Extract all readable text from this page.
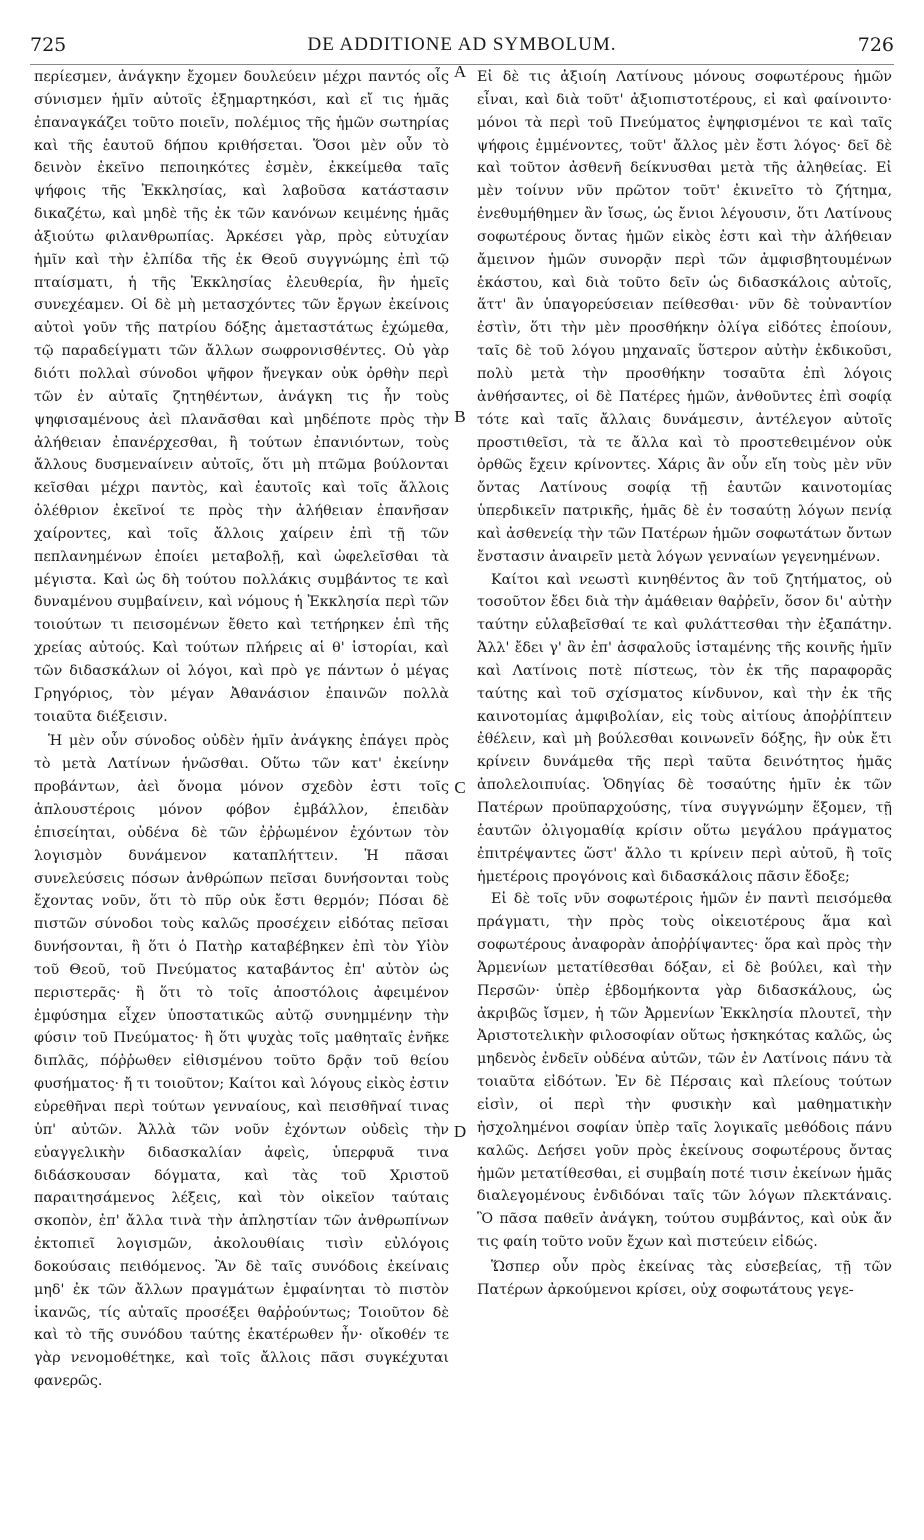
725	DE ADDITIONE AD SYMBOLUM.	726
A
B
C
D

περίεσμεν, ἀνάγκην ἔχομεν δουλεύειν μέχρι παντός οἷς σύνισμεν ἡμῖν αὐτοῖς ἐξημαρτηκόσι, καὶ εἴ τις ἡμᾶς ἐπαναγκάζει τοῦτο ποιεῖν, πολέμιος τῆς ἡμῶν σωτηρίας καὶ τῆς ἑαυτοῦ δήπου κριθήσεται. Ὅσοι μὲν οὖν τὸ δεινὸν ἐκεῖνο πεποιηκότες ἐσμὲν, ἐκκείμεθα ταῖς ψήφοις τῆς Ἐκκλησίας, καὶ λαβοῦσα κατάστασιν δικαζέτω, καὶ μηδὲ τῆς ἐκ τῶν κανόνων κειμένης ἡμᾶς ἀξιούτω φιλανθρωπίας. Ἀρκέσει γὰρ, πρὸς εὐτυχίαν ἡμῖν καὶ τὴν ἐλπίδα τῆς ἐκ Θεοῦ συγγνώμης ἐπὶ τῷ πταίσματι, ἡ τῆς Ἐκκλησίας ἐλευθερία, ἣν ἡμεῖς συνεχέαμεν. Οἱ δὲ μὴ μετασχόντες τῶν ἔργων ἐκείνοις αὐτοὶ γοῦν τῆς πατρίου δόξης ἀμεταστάτως ἐχώμεθα, τῷ παραδείγματι τῶν ἄλλων σωφρονισθέντες. Οὐ γὰρ διότι πολλαὶ σύνοδοι ψῆφον ἤνεγκαν οὐκ ὀρθὴν περὶ τῶν ἐν αὐταῖς ζητηθέντων, ἀνάγκη τις ἦν τοὺς ψηφισαμένους ἀεὶ πλανᾶσθαι καὶ μηδέποτε πρὸς τὴν ἀλήθειαν ἐπανέρχεσθαι, ἢ τούτων ἐπανιόντων, τοὺς ἄλλους δυσμεναίνειν αὐτοῖς, ὅτι μὴ πτῶμα βούλονται κεῖσθαι μέχρι παντὸς, καὶ ἑαυτοῖς καὶ τοῖς ἄλλοις ὀλέθριον ἐκεῖνοί τε πρὸς τὴν ἀλήθειαν ἐπανῆσαν χαίροντες, καὶ τοῖς ἄλλοις χαίρειν ἐπὶ τῇ τῶν πεπλανημένων ἐποίει μεταβολῇ, καὶ ὠφελεῖσθαι τὰ μέγιστα. Καὶ ὡς δὴ τούτου πολλάκις συμβάντος τε καὶ δυναμένου συμβαίνειν, καὶ νόμους ἡ Ἐκκλησία περὶ τῶν τοιούτων τι πεισομένων ἔθετο καὶ τετήρηκεν ἐπὶ τῆς χρείας αὐτούς. Καὶ τούτων πλήρεις αἱ θ' ἱστορίαι, καὶ τῶν διδασκάλων οἱ λόγοι, καὶ πρὸ γε πάντων ὁ μέγας Γρηγόριος, τὸν μέγαν Ἀθανάσιον ἐπαινῶν πολλὰ τοιαῦτα διέξεισιν.

Ἡ μὲν οὖν σύνοδος οὐδὲν ἡμῖν ἀνάγκης ἐπάγει πρὸς τὸ μετὰ Λατίνων ἡνῶσθαι. Οὕτω τῶν κατ' ἐκείνην προβάντων, ἀεὶ ὄνομα μόνον σχεδὸν ἐστι τοῖς ἁπλουστέροις μόνον φόβον ἐμβάλλον, ἐπειδὰν ἐπισείηται, οὐδένα δὲ τῶν ἐῤῥωμένον ἐχόντων τὸν λογισμὸν δυνάμενον καταπλήττειν. Ἡ πᾶσαι συνελεύσεις πόσων ἀνθρώπων πεῖσαι δυνήσονται τοὺς ἔχοντας νοῦν, ὅτι τὸ πῦρ οὐκ ἔστι θερμόν; Πόσαι δὲ πιστῶν σύνοδοι τοὺς καλῶς προσέχειν εἰδότας πεῖσαι δυνήσονται, ἢ ὅτι ὁ Πατὴρ καταβέβηκεν ἐπὶ τὸν Υἱὸν τοῦ Θεοῦ, τοῦ Πνεύματος καταβάντος ἐπ' αὐτὸν ὡς περιστερᾶς· ἢ ὅτι τὸ τοῖς ἀποστόλοις ἀφειμένον ἐμφύσημα εἶχεν ὑποστατικῶς αὐτῷ συνημμένην τὴν φύσιν τοῦ Πνεύματος· ἢ ὅτι ψυχὰς τοῖς μαθηταῖς ἐνῆκε διπλᾶς, πόῤῥωθεν εἰθισμένου τοῦτο δρᾷν τοῦ θείου φυσήματος· ἤ τι τοιοῦτον; Καίτοι καὶ λόγους εἰκὸς ἐστιν εὑρεθῆναι περὶ τούτων γενναίους, καὶ πεισθῆναί τινας ὑπ' αὐτῶν. Ἀλλὰ τῶν νοῦν ἐχόντων οὐδεὶς τὴν εὐαγγελικὴν διδασκαλίαν ἀφεὶς, ὑπερφυᾶ τινα διδάσκουσαν δόγματα, καὶ τὰς τοῦ Χριστοῦ παραιτησάμενος λέξεις, καὶ τὸν οἰκεῖον ταύταις σκοπὸν, ἐπ' ἄλλα τινὰ τὴν ἀπληστίαν τῶν ἀνθρωπίνων ἐκτοπιεῖ λογισμῶν, ἀκολουθίαις τισὶν εὐλόγοις δοκούσαις πειθόμενος. Ἂν δὲ ταῖς συνόδοις ἐκείναις μηδ' ἐκ τῶν ἄλλων πραγμάτων ἐμφαίνηται τὸ πιστὸν ἱκανῶς, τίς αὐταῖς προσέξει θαῤῥούντως; Τοιοῦτον δὲ καὶ τὸ τῆς συνόδου ταύτης ἑκατέρωθεν ἦν· οἴκοθέν τε γὰρ νενομοθέτηκε, καὶ τοῖς ἄλλοις πᾶσι συγκέχυται φανερῶς.

Εἰ δὲ τις ἀξιοίη Λατίνους μόνους σοφωτέρους ἡμῶν εἶναι, καὶ διὰ τοῦτ' ἀξιοπιστοτέρους, εἰ καὶ φαίνοιντο· μόνοι τὰ περὶ τοῦ Πνεύματος ἐψηφισμένοι τε καὶ ταῖς ψήφοις ἐμμένοντες, τοῦτ' ἄλλος μὲν ἔστι λόγος· δεῖ δὲ καὶ τοῦτον ἀσθενῆ δείκνυσθαι μετὰ τῆς ἀληθείας. Εἰ μὲν τοίνυν νῦν πρῶτον τοῦτ' ἐκινεῖτο τὸ ζήτημα, ἐνεθυμήθημεν ἂν ἴσως, ὡς ἔνιοι λέγουσιν, ὅτι Λατίνους σοφωτέρους ὄντας ἡμῶν εἰκὸς ἐστι καὶ τὴν ἀλήθειαν ἄμεινον ἡμῶν συνορᾷν περὶ τῶν ἀμφισβητουμένων ἑκάστου, καὶ διὰ τοῦτο δεῖν ὡς διδασκάλοις αὐτοῖς, ἅττ' ἂν ὑπαγορεύσειαν πείθεσθαι· νῦν δὲ τοὐναντίον ἐστὶν, ὅτι τὴν μὲν προσθήκην ὀλίγα εἰδότες ἐποίουν, ταῖς δὲ τοῦ λόγου μηχαναῖς ὕστερον αὐτὴν ἐκδικοῦσι, πολὺ μετὰ τὴν προσθήκην τοσαῦτα ἐπὶ λόγοις ἀνθήσαντες, οἱ δὲ Πατέρες ἡμῶν, ἀνθοῦντες ἐπὶ σοφίᾳ τότε καὶ ταῖς ἄλλαις δυνάμεσιν, ἀντέλεγον αὐτοῖς προστιθεῖσι, τὰ τε ἄλλα καὶ τὸ προστεθειμένον οὐκ ὀρθῶς ἔχειν κρίνοντες. Χάρις ἂν οὖν εἴη τοὺς μὲν νῦν ὄντας Λατίνους σοφίᾳ τῇ ἑαυτῶν καινοτομίας ὑπερδικεῖν πατρικῆς, ἡμᾶς δὲ ἐν τοσαύτῃ λόγων πενίᾳ καὶ ἀσθενείᾳ τὴν τῶν Πατέρων ἡμῶν σοφωτάτων ὄντων ἔνστασιν ἀναιρεῖν μετὰ λόγων γενναίων γεγενημένων.

Καίτοι καὶ νεωστὶ κινηθέντος ἂν τοῦ ζητήματος, οὐ τοσοῦτον ἔδει διὰ τὴν ἀμάθειαν θαῤῥεῖν, ὅσον δι' αὐτὴν ταύτην εὐλαβεῖσθαί τε καὶ φυλάττεσθαι τὴν ἐξαπάτην. Ἀλλ' ἔδει γ' ἂν ἐπ' ἀσφαλοῦς ἱσταμένης τῆς κοινῆς ἡμῖν καὶ Λατίνοις ποτὲ πίστεως, τὸν ἐκ τῆς παραφορᾶς ταύτης καὶ τοῦ σχίσματος κίνδυνον, καὶ τὴν ἐκ τῆς καινοτομίας ἀμφιβολίαν, εἰς τοὺς αἰτίους ἀποῤῥίπτειν ἐθέλειν, καὶ μὴ βούλεσθαι κοινωνεῖν δόξης, ἣν οὐκ ἔτι κρίνειν δυνάμεθα τῆς περὶ ταῦτα δεινότητος ἡμᾶς ἀπολελοιπυίας. Ὁδηγίας δὲ τοσαύτης ἡμῖν ἐκ τῶν Πατέρων προϋπαρχούσης, τίνα συγγνώμην ἕξομεν, τῇ ἑαυτῶν ὀλιγομαθίᾳ κρίσιν οὕτω μεγάλου πράγματος ἐπιτρέψαντες ὥστ' ἄλλο τι κρίνειν περὶ αὐτοῦ, ἢ τοῖς ἡμετέροις προγόνοις καὶ διδασκάλοις πᾶσιν ἔδοξε;

Εἰ δὲ τοῖς νῦν σοφωτέροις ἡμῶν ἐν παντὶ πεισόμεθα πράγματι, τὴν πρὸς τοὺς οἰκειοτέρους ἅμα καὶ σοφωτέρους ἀναφορὰν ἀποῤῥίψαντες· ὅρα καὶ πρὸς τὴν Ἀρμενίων μετατίθεσθαι δόξαν, εἰ δὲ βούλει, καὶ τὴν Περσῶν· ὑπὲρ ἑβδομήκοντα γὰρ διδασκάλους, ὡς ἀκριβῶς ἴσμεν, ἡ τῶν Ἀρμενίων Ἐκκλησία πλουτεῖ, τὴν Ἀριστοτελικὴν φιλοσοφίαν οὕτως ἠσκηκότας καλῶς, ὡς μηδενὸς ἐνδεῖν οὐδένα αὐτῶν, τῶν ἐν Λατίνοις πάνυ τὰ τοιαῦτα εἰδότων. Ἐν δὲ Πέρσαις καὶ πλείους τούτων εἰσὶν, οἱ περὶ τὴν φυσικὴν καὶ μαθηματικὴν ἠσχολημένοι σοφίαν ὑπὲρ ταῖς λογικαῖς μεθόδοις πάνυ καλῶς. Δεήσει γοῦν πρὸς ἐκείνους σοφωτέρους ὄντας ἡμῶν μετατίθεσθαι, εἰ συμβαίη ποτέ τισιν ἐκείνων ἡμᾶς διαλεγομένους ἐνδιδόναι ταῖς τῶν λόγων πλεκτάναις. Ὃ πᾶσα παθεῖν ἀνάγκη, τούτου συμβάντος, καὶ οὐκ ἄν τις φαίη τοῦτο νοῦν ἔχων καὶ πιστεύειν εἰδώς.

Ὥσπερ οὖν πρὸς ἐκείνας τὰς εὐσεβείας, τῇ τῶν Πατέρων ἀρκούμενοι κρίσει, οὐχ σοφωτάτους γεγε-
